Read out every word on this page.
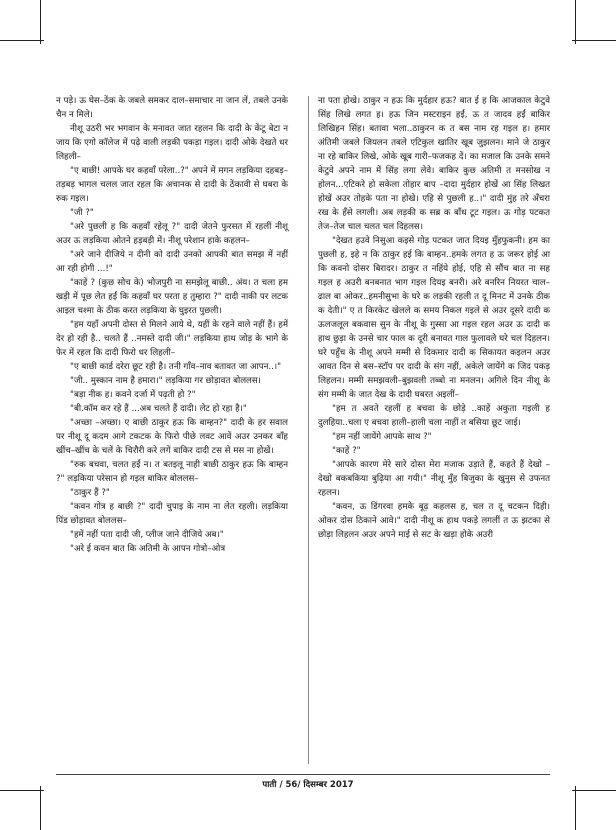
न पड़े। ऊ घेस–ठेंक के जबले समकर दाल–समाचार ना जान लें, तबले उनके चैन न मिले।

नीशू उठरी भर भगवान के मनावत जात रहलन कि दादी के केंटू बेटा न जाय कि एगो कॉलेज में पढ़े वाली लड़की पकड़ा गइल। दादी ओके देखते धर लिहली–

"ए बाछी! आपके घर कहवाँ परेला..?" अपने में मगन लड़किया दहबड़–तड़बड़ भागल चलल जात रहल कि अचानक से दादी के ठेंकावी से घबरा के रुक गइल।

"जी ?"

"अरे पुछली ह कि कहवाँ रहेलू ?" दादी जेतने फुरसत में रहलीं नीशू अउर ऊ लड़किया ओतने हड़बड़ी में। नीशू परेशान हाके कहलन–

"अरे जाने दीजिये न दीनी को दादी उनको आपकी बात समझ में नहीं आ रही होगी ...!"

"काहें ? (कुछ सोच के) भोजपुरी ना समझेलू बाछी.. अंय। त चला हम खड़ी में पूछ लेत हईं कि कहवाँ घर परता ह तुम्हारा ?" दादी नाकी पर लटक आइल चश्मा के ठीक करत लड़किया के घुइरत पुछली।

"हम यहाँ अपनी दोस्त से मिलने आये थे, यहीं के रहने वाले नहीं हैं। हमें देर हो रही है.. चलते हैं ..नमस्ते दादी जी।" लड़किया हाथ जोड़ के भागे के फेर में रहल कि दादी फिरो धर लिहली–

"ए बाछी कार्ड दरेरा छूट रही है। तनी गाँव–नाव बतावत जा आपन..।"

"जी.. मुस्कान नाम है हमारा।" लड़किया गर छोड़ावत बोललस।

"बड़ा नीक ह। कवने दर्जा में पढ़ती हो ?"

"बी.कॉम कर रहे हैं ...अब चलते हैं दादी। लेट हो रहा है।"

"अच्छा –अच्छा। ए बाछी ठाकुर हऊ कि बाम्हन?" दादी के हर सवाल पर नीशू दू कदम आगे टकटक के फिरो पीछे लवट आवें अउर उनकर बाँह खींच–खींच के चलें के चिरौरी करे लगें बाकिर दादी टस से मस ना होखें।

"रुक बचवा, चलत हईं न। त बतइलू नाही बाछी ठाकुर हऊ कि बाम्हन ?" लड़किया परेसान हो गइल बाकिर बोललस–

"ठाकुर हैं ?"

"कवन गोत्र ह बाछी ?" दादी चुपाइ के नाम ना लेत रहली। लड़किया पिंड छोड़ावत बोललस–

"हमें नहीं पता दादी जी, प्लीज जाने दीजिये अब।"

"अरे ई कवन बात कि अतिमी के आपन गोत्रो–ओत्र

ना पता होखे। ठाकुर न हऊ कि मुर्दहार हऊ? बात ई ह कि आजकाल केटुवे सिंह लिखे लगत ह। हऊ जिन मस्टराइन हईं, ऊ त जादव हईं बाकिर लिखिहन सिंह। बतावा भला..ठाकुरन क त बस नाम रह गइल ह। हमार अंतिमी जबले जियलन तबले एटिकुल खातिर खूब जुझलन। माने जे ठाकुर ना रहे बाकिर लिखे, ओके खूब गारी–फजकह दें। का मजाल कि उनके समने केटुवे अपने नाम में सिंह लगा लेवे। बाकिर कुछ अतिमी त मनसोख न होलन...एटिकरे हो सकेला तोहार बाप –दादा मुर्दहार होखें आ सिंह लिखत होखें अउर तोहके पता ना होखे। एहि से पुछली ह..।" दादी मुंह तरे अँचरा रख के हँसे लगली। अब लड़की क सब्र क बाँध टूट गइल। ऊ गोड़ पटकत तेज–तेज चाल चलत चल दिहलस।

"देखत हउवे निसुआ कइसे गोड़ पटकत जात दियइ मुँहफुकनी। हम का पुछली ह, इहे न कि ठाकुर हई कि बाम्हन..हमके लगत ह ऊ जरूर होई आ कि कवनो दोसर बिरादर। ठाकुर त नहिंये होई, एहि से सौंच बात ना सह गइल ह अउरी बनबनात भाग गइल दियइ बनरी। अरे बनरिन नियरत चाल–ढाल बा ओकर..हमनीसुभा के घरे क लड़की रहली त दू मिनट में उनके ठीक क देती।" ए त किरकेट खेलले क समय निकल गइले से अउर दूसरे दादी क ऊलजलूल बकवास सुन के नीशू के गुस्सा आ गइल रहल अउर ऊ दादी क हाथ छुड़ा के उनसे चार फाल क दूरी बनावत गाल फुलावले घरे चल दिहलन। घरे पहुँच के नीशू अपने मम्मी से दिकमार दादी क सिकायत कइलन अउर आवत दिन से बस–स्टॉप पर दादी के संग नहीं, अकेले जायेंगे क जिद पकड़ लिहलन। मम्मी समझवली–बुझवली तब्बो ना मनलन। अगिले दिन नीशू के संग मम्मी के जात देख के दादी घबरत अइलीं–

"हम त अवते रहलीं ह बचवा के छोड़े ..काहें अकुता गइली ह दुलहिया..चला ए बचवा हाली–हाली चला नाहीं त बसिया छूट जाई।

"हम नहीं जायेंगे आपके साथ ?"

"काहें ?"

"आपके कारण मेरे सारे दोस्त मेरा मजाक उड़ाते हैं, कहते हैं देखो –देखो बकबकिया बुढ़िया आ गयी।" नीशू मुँह बिजुका के खुनुस से उफनत रहलन।

"कवन, ऊ डिंगरवा हमके बूढ़ कहलस ह, चल त दू चटकन दिही। ओकर दोस ठिकाने आवे।" दादी नीशू क हाथ पकड़े लगलीं त ऊ झटका से छोड़ा लिहलन अउर अपने माई से सट के खड़ा होके अउरी

पाती / 56/ दिसम्बर 2017
